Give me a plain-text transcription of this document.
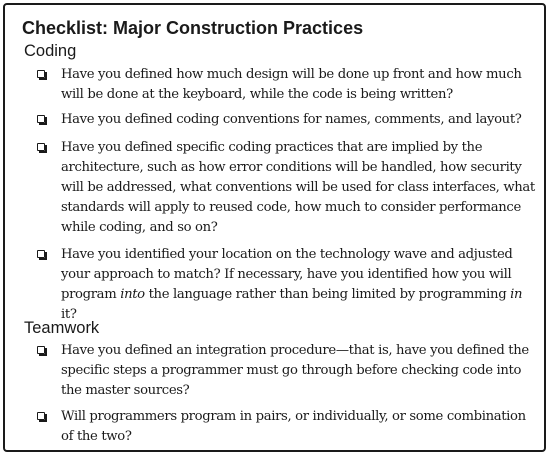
Checklist: Major Construction Practices
Coding

Have you defined how much design will be done up front and how much will be done at the keyboard, while the code is being written?

Have you defined coding conventions for names, comments, and layout?

Have you defined specific coding practices that are implied by the architecture, such as how error conditions will be handled, how security will be addressed, what conventions will be used for class interfaces, what standards will apply to reused code, how much to consider performance while coding, and so on?

Have you identified your location on the technology wave and adjusted your approach to match? If necessary, have you identified how you will program into the language rather than being limited by programming in it?

Teamwork

Have you defined an integration procedure—that is, have you defined the specific steps a programmer must go through before checking code into the master sources?

Will programmers program in pairs, or individually, or some combination of the two?
